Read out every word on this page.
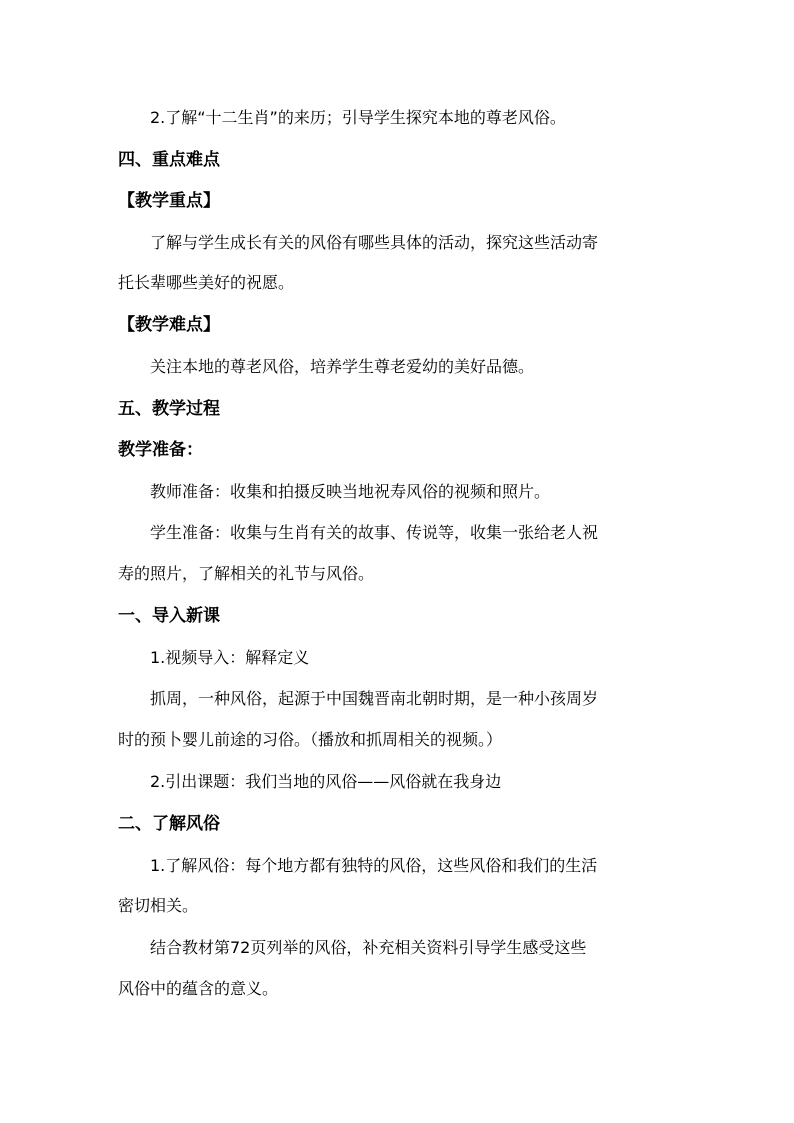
2.了解“十二生肖”的来历；引导学生探究本地的尊老风俗。
四、重点难点
【教学重点】
了解与学生成长有关的风俗有哪些具体的活动，探究这些活动寄
托长辈哪些美好的祝愿。
【教学难点】
关注本地的尊老风俗，培养学生尊老爱幼的美好品德。
五、教学过程
教学准备：
教师准备：收集和拍摄反映当地祝寿风俗的视频和照片。
学生准备：收集与生肖有关的故事、传说等，收集一张给老人祝
寿的照片，了解相关的礼节与风俗。
一、导入新课
1.视频导入：解释定义
抓周，一种风俗，起源于中国魏晋南北朝时期，是一种小孩周岁
时的预卜婴儿前途的习俗。（播放和抓周相关的视频。）
2.引出课题：我们当地的风俗——风俗就在我身边
二、了解风俗
1.了解风俗：每个地方都有独特的风俗，这些风俗和我们的生活
密切相关。
结合教材第72页列举的风俗，补充相关资料引导学生感受这些
风俗中的蕴含的意义。
